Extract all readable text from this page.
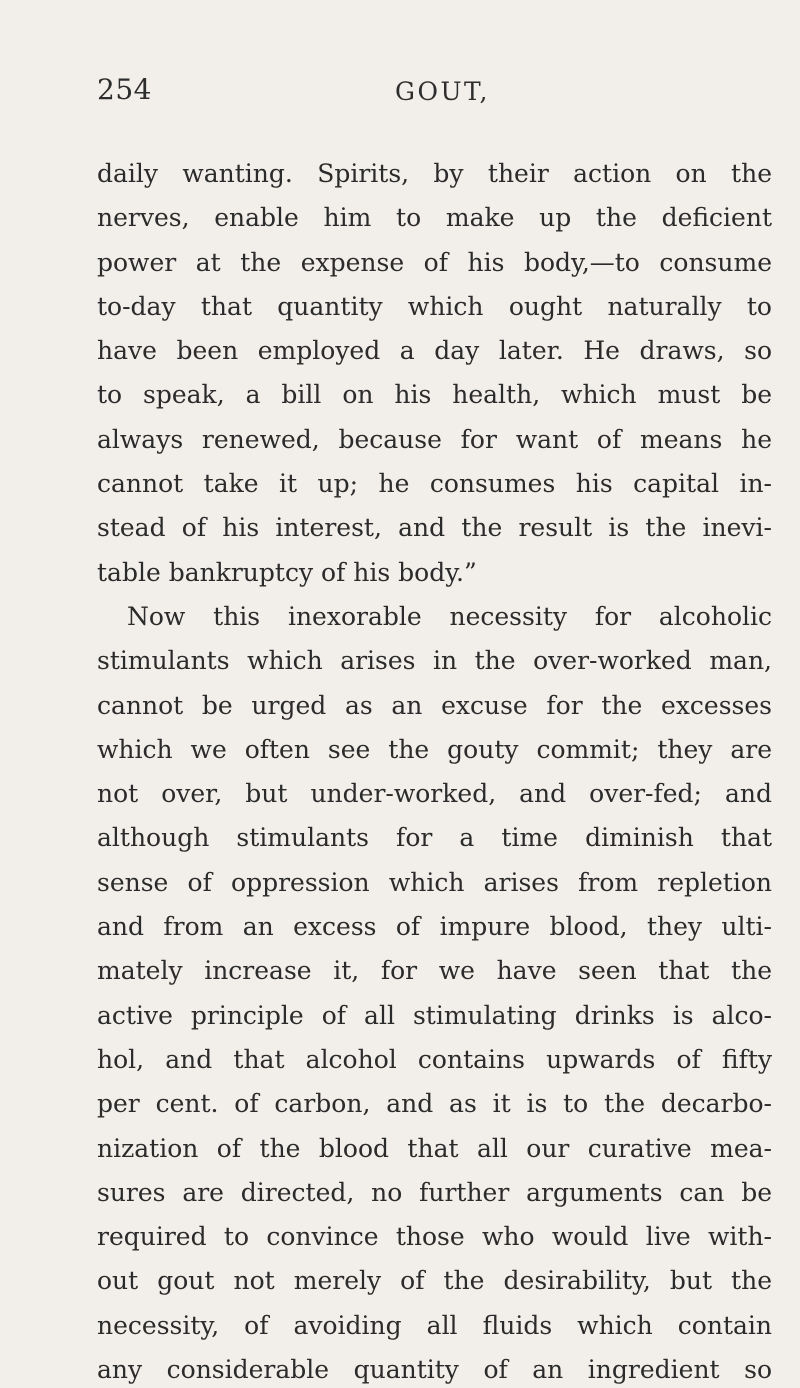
254	GOUT,
daily wanting. Spirits, by their action on the
nerves, enable him to make up the deficient
power at the expense of his body,—to consume
to-day that quantity which ought naturally to
have been employed a day later. He draws, so
to speak, a bill on his health, which must be
always renewed, because for want of means he
cannot take it up; he consumes his capital in-
stead of his interest, and the result is the inevi-
table bankruptcy of his body.”
Now this inexorable necessity for alcoholic
stimulants which arises in the over-worked man,
cannot be urged as an excuse for the excesses
which we often see the gouty commit; they are
not over, but under-worked, and over-fed; and
although stimulants for a time diminish that
sense of oppression which arises from repletion
and from an excess of impure blood, they ulti-
mately increase it, for we have seen that the
active principle of all stimulating drinks is alco-
hol, and that alcohol contains upwards of fifty
per cent. of carbon, and as it is to the decarbo-
nization of the blood that all our curative mea-
sures are directed, no further arguments can be
required to convince those who would live with-
out gout not merely of the desirability, but the
necessity, of avoiding all fluids which contain
any considerable quantity of an ingredient so
